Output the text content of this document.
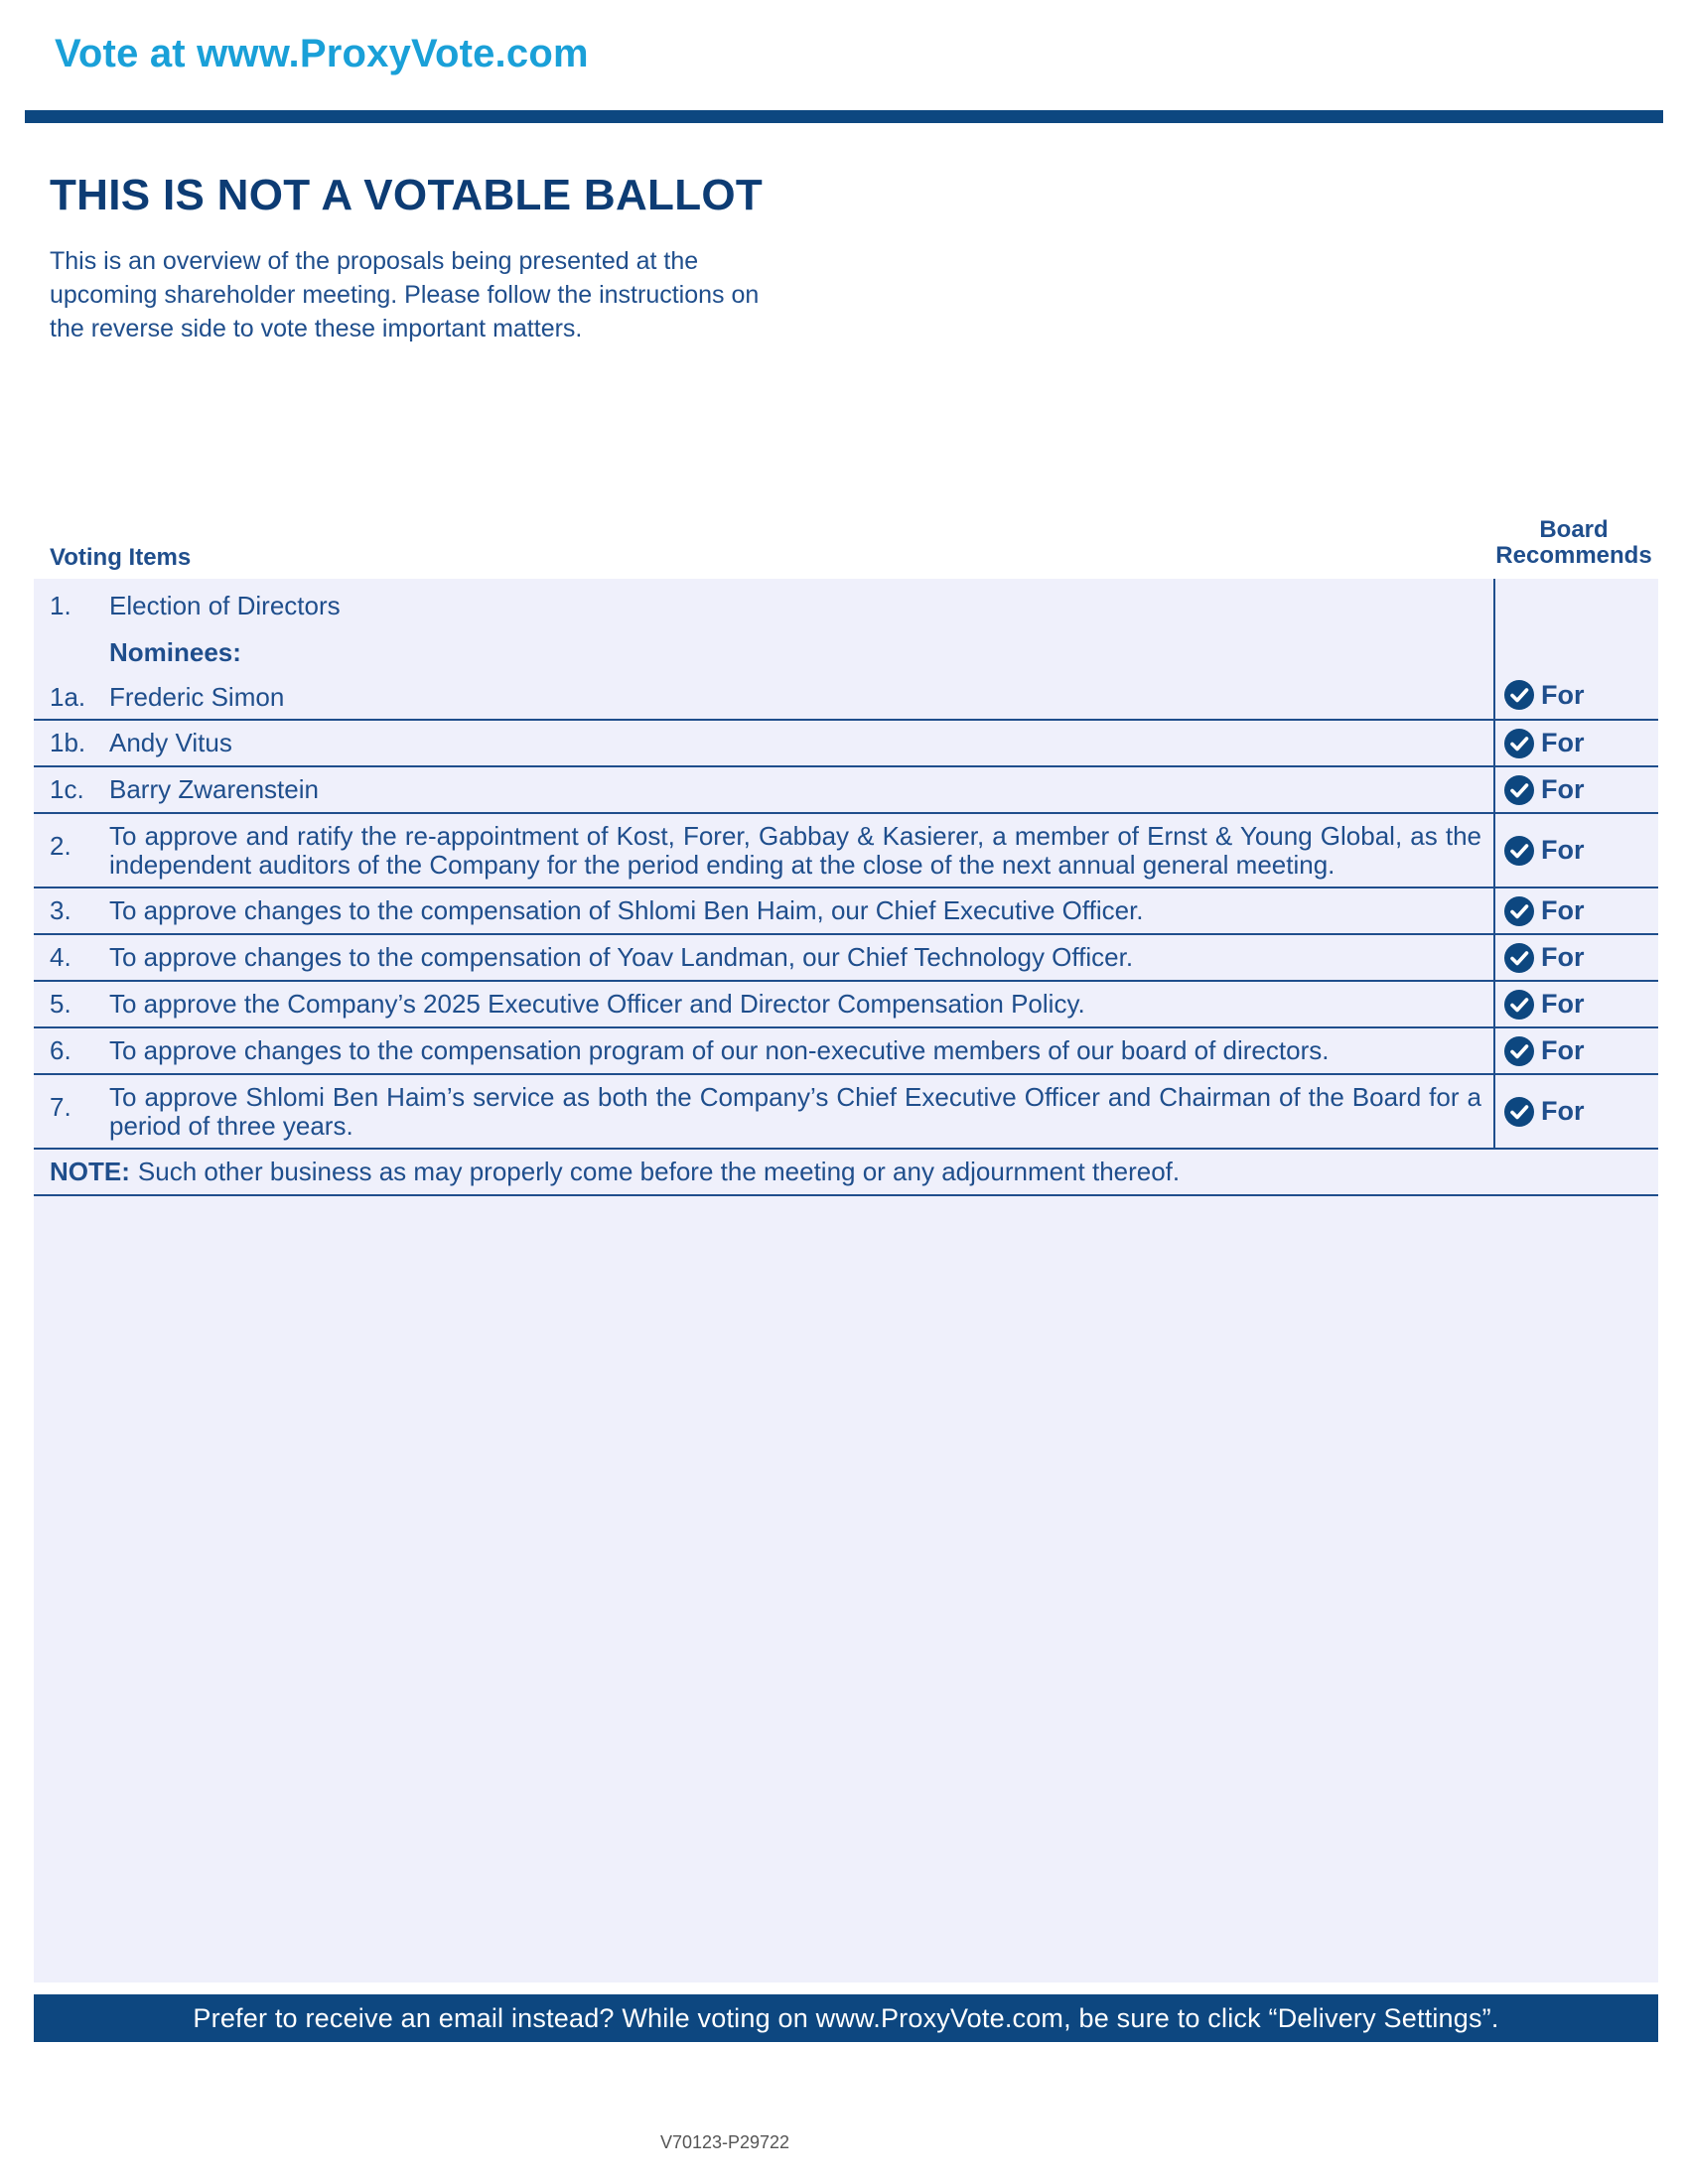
Vote at www.ProxyVote.com
THIS IS NOT A VOTABLE BALLOT
This is an overview of the proposals being presented at the
upcoming shareholder meeting. Please follow the instructions on
the reverse side to vote these important matters.
Voting Items
Board
Recommends
1.	Election of Directors
Nominees:
1a. Frederic Simon	For
1b. Andy Vitus	For
1c. Barry Zwarenstein	For
2.	To approve and ratify the re-appointment of Kost, Forer, Gabbay & Kasierer, a member of Ernst & Young Global, as the independent auditors of the Company for the period ending at the close of the next annual general meeting.	For
3.	To approve changes to the compensation of Shlomi Ben Haim, our Chief Executive Officer.	For
4.	To approve changes to the compensation of Yoav Landman, our Chief Technology Officer.	For
5.	To approve the Company’s 2025 Executive Officer and Director Compensation Policy.	For
6.	To approve changes to the compensation program of our non-executive members of our board of directors.	For
7.	To approve Shlomi Ben Haim’s service as both the Company’s Chief Executive Officer and Chairman of the Board for a period of three years.	For
NOTE: Such other business as may properly come before the meeting or any adjournment thereof.
Prefer to receive an email instead? While voting on www.ProxyVote.com, be sure to click “Delivery Settings”.
V70123-P29722
